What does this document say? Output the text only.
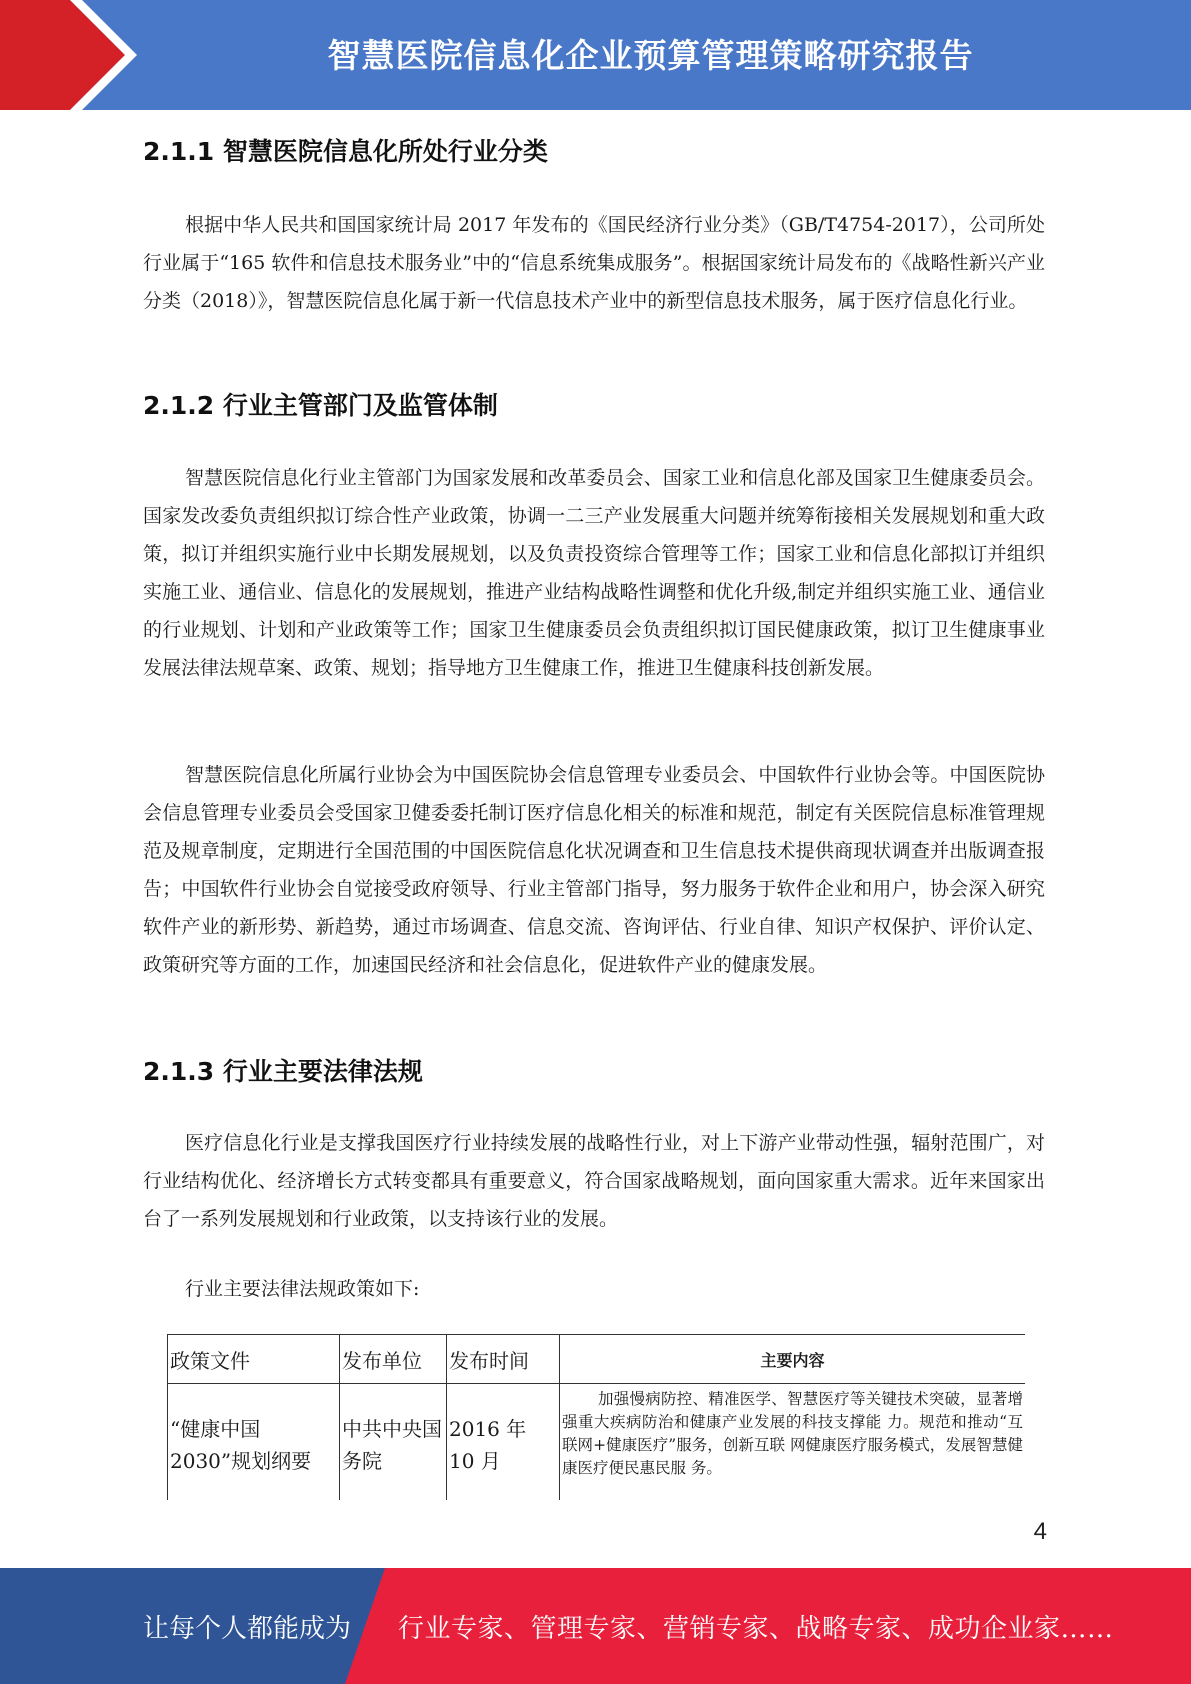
智慧医院信息化企业预算管理策略研究报告
2.1.1 智慧医院信息化所处行业分类

根据中华人民共和国国家统计局 2017 年发布的《国民经济行业分类》（GB/T4754-2017），公司所处行业属于“165 软件和信息技术服务业”中的“信息系统集成服务”。根据国家统计局发布的《战略性新兴产业分类（2018）》，智慧医院信息化属于新一代信息技术产业中的新型信息技术服务，属于医疗信息化行业。

2.1.2 行业主管部门及监管体制

智慧医院信息化行业主管部门为国家发展和改革委员会、国家工业和信息化部及国家卫生健康委员会。国家发改委负责组织拟订综合性产业政策，协调一二三产业发展重大问题并统筹衔接相关发展规划和重大政策，拟订并组织实施行业中长期发展规划，以及负责投资综合管理等工作；国家工业和信息化部拟订并组织实施工业、通信业、信息化的发展规划，推进产业结构战略性调整和优化升级,制定并组织实施工业、通信业的行业规划、计划和产业政策等工作；国家卫生健康委员会负责组织拟订国民健康政策，拟订卫生健康事业发展法律法规草案、政策、规划；指导地方卫生健康工作，推进卫生健康科技创新发展。

智慧医院信息化所属行业协会为中国医院协会信息管理专业委员会、中国软件行业协会等。中国医院协会信息管理专业委员会受国家卫健委委托制订医疗信息化相关的标准和规范，制定有关医院信息标准管理规范及规章制度，定期进行全国范围的中国医院信息化状况调查和卫生信息技术提供商现状调查并出版调查报告；中国软件行业协会自觉接受政府领导、行业主管部门指导，努力服务于软件企业和用户，协会深入研究软件产业的新形势、新趋势，通过市场调查、信息交流、咨询评估、行业自律、知识产权保护、评价认定、政策研究等方面的工作，加速国民经济和社会信息化，促进软件产业的健康发展。

2.1.3 行业主要法律法规

医疗信息化行业是支撑我国医疗行业持续发展的战略性行业，对上下游产业带动性强，辐射范围广，对行业结构优化、经济增长方式转变都具有重要意义，符合国家战略规划，面向国家重大需求。近年来国家出台了一系列发展规划和行业政策，以支持该行业的发展。

行业主要法律法规政策如下:

政策文件	发布单位	发布时间	主要内容
“健康中国 2030”规划纲要	中共中央国务院	2016 年 10 月	加强慢病防控、精准医学、智慧医疗等关键技术突破，显著增强重大疾病防治和健康产业发展的科技支撑能 力。规范和推动“互联网+健康医疗”服务，创新互联 网健康医疗服务模式，发展智慧健康医疗便民惠民服 务。
4
让每个人都能成为 行业专家、管理专家、营销专家、战略专家、成功企业家……
